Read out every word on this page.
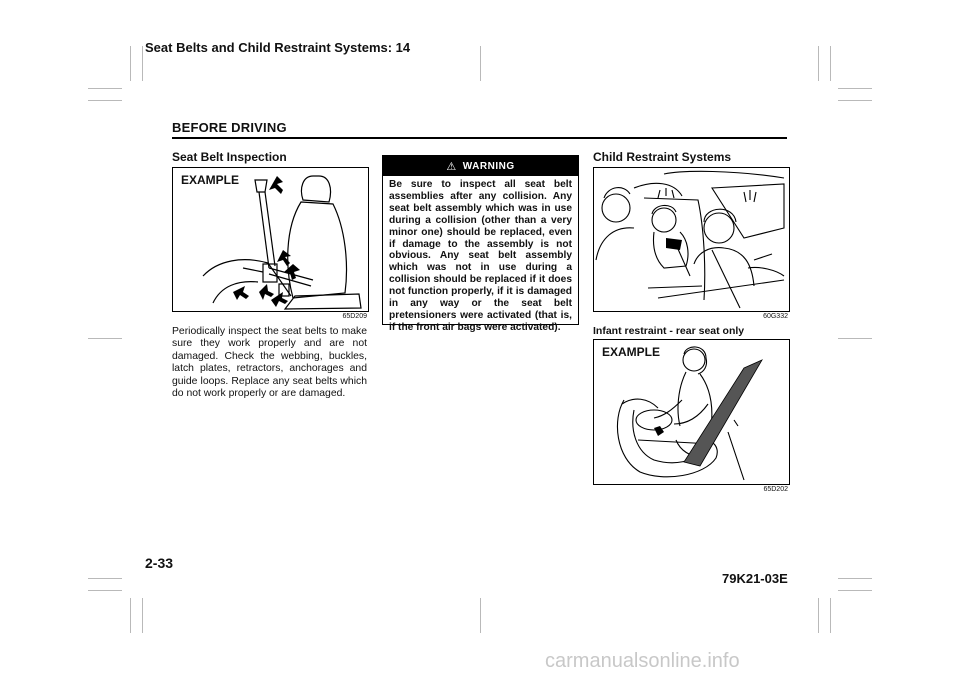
Seat Belts and Child Restraint Systems: 14
BEFORE DRIVING
Seat Belt Inspection
EXAMPLE
65D209
Periodically inspect the seat belts to make sure they work properly and are not damaged. Check the webbing, buckles, latch plates, retractors, anchorages and guide loops. Replace any seat belts which do not work properly or are damaged.
⚠ WARNING
Be sure to inspect all seat belt assemblies after any collision. Any seat belt assembly which was in use during a collision (other than a very minor one) should be replaced, even if damage to the assembly is not obvious. Any seat belt assembly which was not in use during a collision should be replaced if it does not function properly, if it is damaged in any way or the seat belt pretensioners were activated (that is, if the front air bags were activated).
Child Restraint Systems
60G332
Infant restraint - rear seat only
EXAMPLE
65D202
2-33
79K21-03E
carmanualsonline.info
